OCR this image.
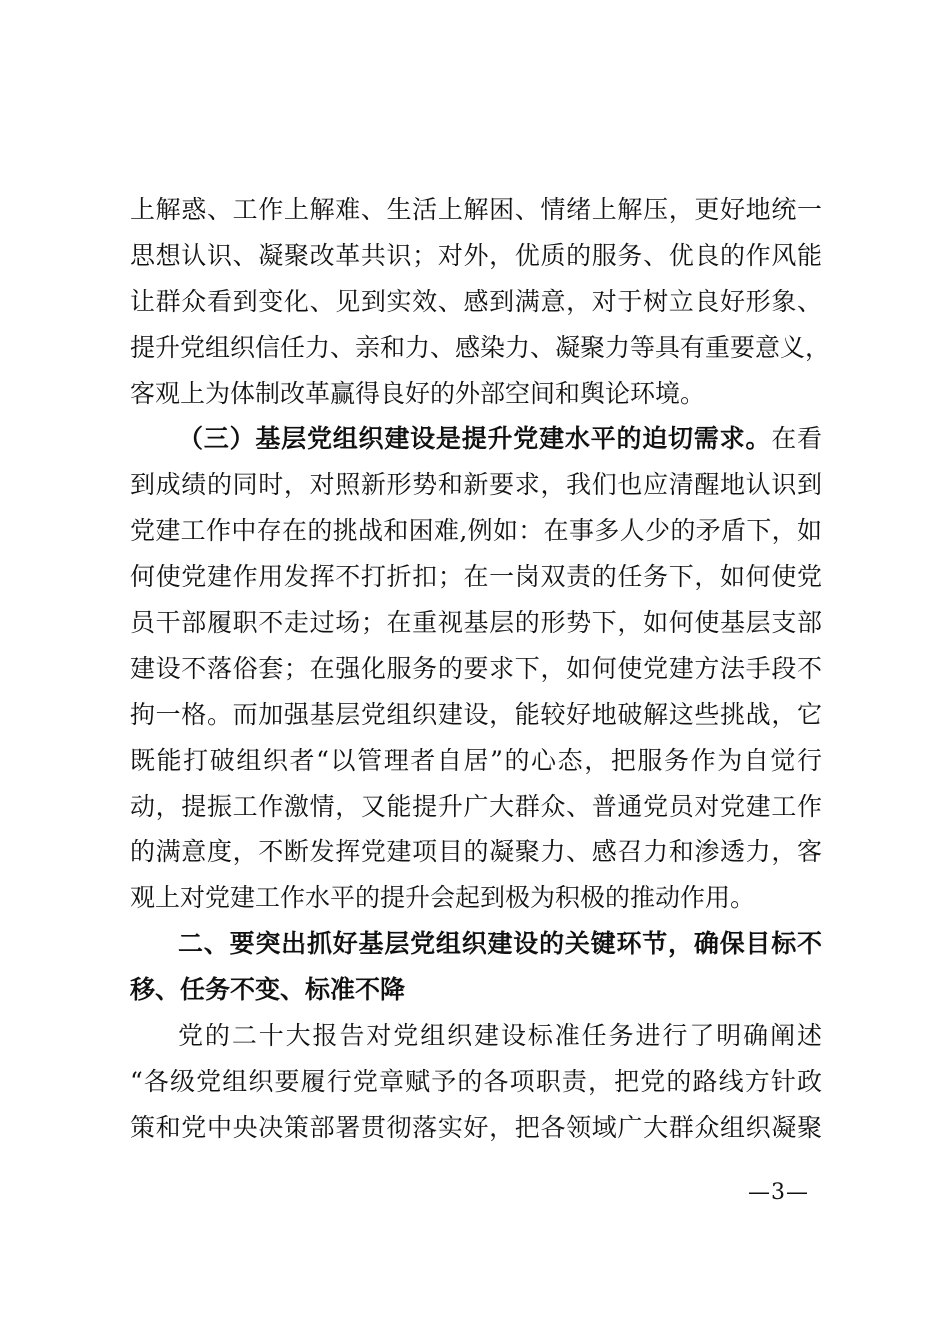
上解惑、工作上解难、生活上解困、情绪上解压，更好地统一
思想认识、凝聚改革共识；对外，优质的服务、优良的作风能
让群众看到变化、见到实效、感到满意，对于树立良好形象、
提升党组织信任力、亲和力、感染力、凝聚力等具有重要意义，
客观上为体制改革赢得良好的外部空间和舆论环境。
（三）基层党组织建设是提升党建水平的迫切需求。在看
到成绩的同时，对照新形势和新要求，我们也应清醒地认识到
党建工作中存在的挑战和困难,例如：在事多人少的矛盾下，如
何使党建作用发挥不打折扣；在一岗双责的任务下，如何使党
员干部履职不走过场；在重视基层的形势下，如何使基层支部
建设不落俗套；在强化服务的要求下，如何使党建方法手段不
拘一格。而加强基层党组织建设，能较好地破解这些挑战，它
既能打破组织者“以管理者自居”的心态，把服务作为自觉行
动，提振工作激情，又能提升广大群众、普通党员对党建工作
的满意度，不断发挥党建项目的凝聚力、感召力和渗透力，客
观上对党建工作水平的提升会起到极为积极的推动作用。
二、要突出抓好基层党组织建设的关键环节，确保目标不
移、任务不变、标准不降
党的二十大报告对党组织建设标准任务进行了明确阐述
“各级党组织要履行党章赋予的各项职责，把党的路线方针政
策和党中央决策部署贯彻落实好，把各领域广大群众组织凝聚
—3—
